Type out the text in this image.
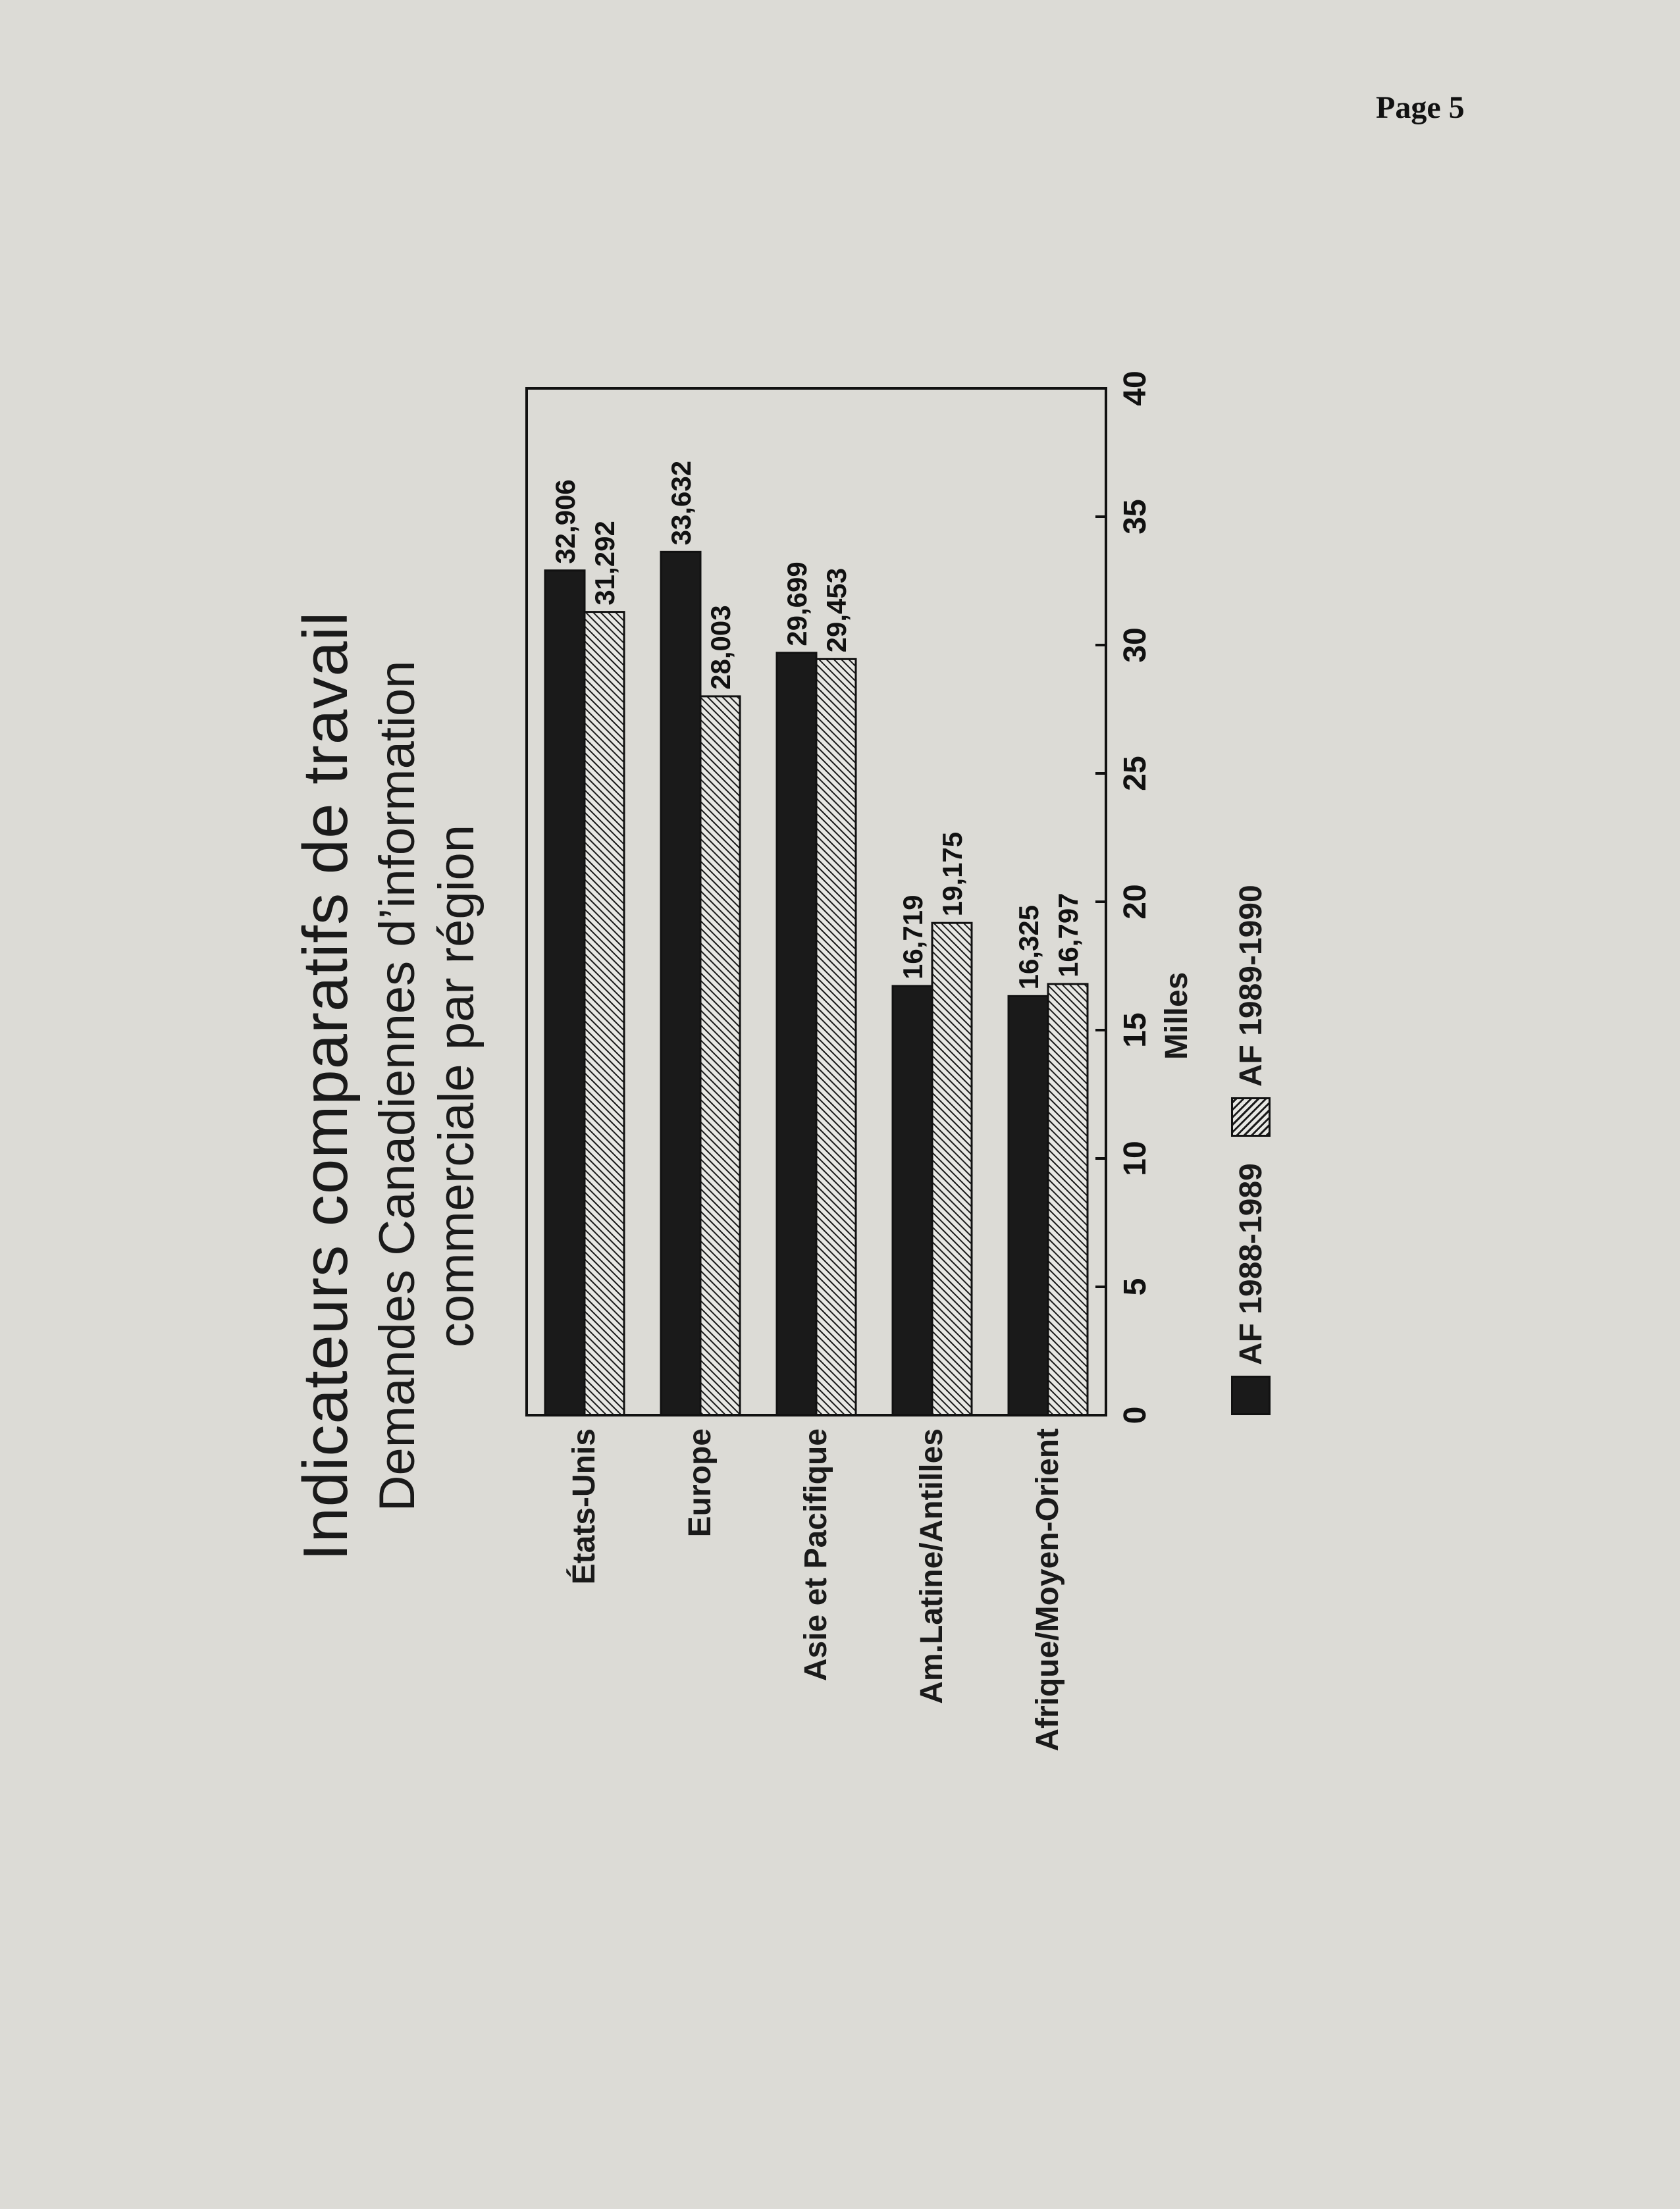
Page 5
Indicateurs comparatifs de travail Demandes Canadiennes d’information commerciale par région
États-Unis	Europe	Asie et Pacifique	Am.Latine/Antilles	Afrique/Moyen-Orient
32,906 31,292
33,632
28,003
29,699 29,453
16,719
19,175
16,325 16,797
0
5
10
15
20
25
30
35
40
Milles
AF 1988-1989
AF 1989-1990
